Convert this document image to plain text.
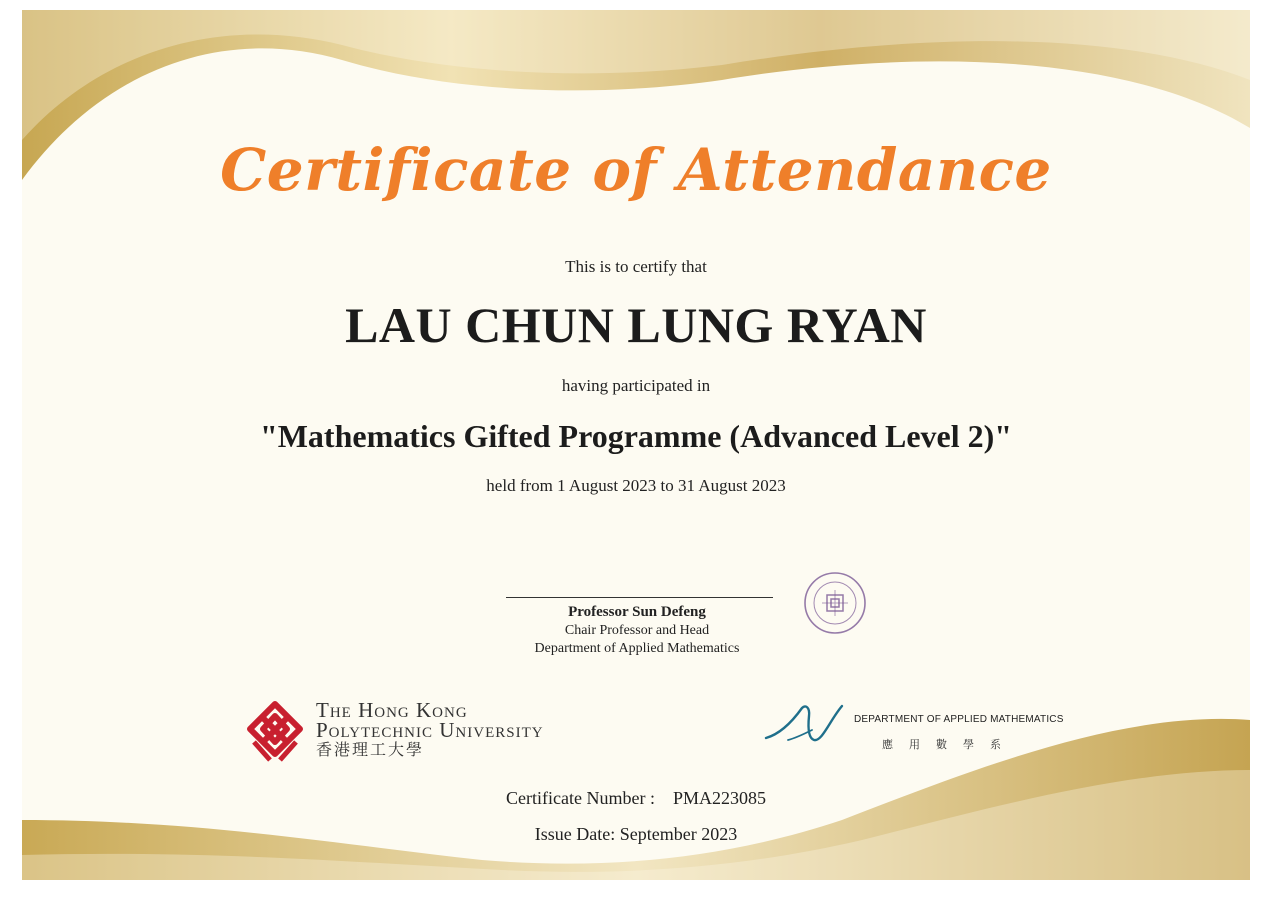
Certificate of Attendance
This is to certify that
LAU CHUN LUNG RYAN
having participated in
"Mathematics Gifted Programme (Advanced Level 2)"
held from 1 August 2023 to 31 August 2023
Professor Sun Defeng
Chair Professor and Head
Department of Applied Mathematics
The Hong Kong
Polytechnic University
香港理工大學
DEPARTMENT OF APPLIED MATHEMATICS
應用數學系
Certificate Number : PMA223085
Issue Date: September 2023
